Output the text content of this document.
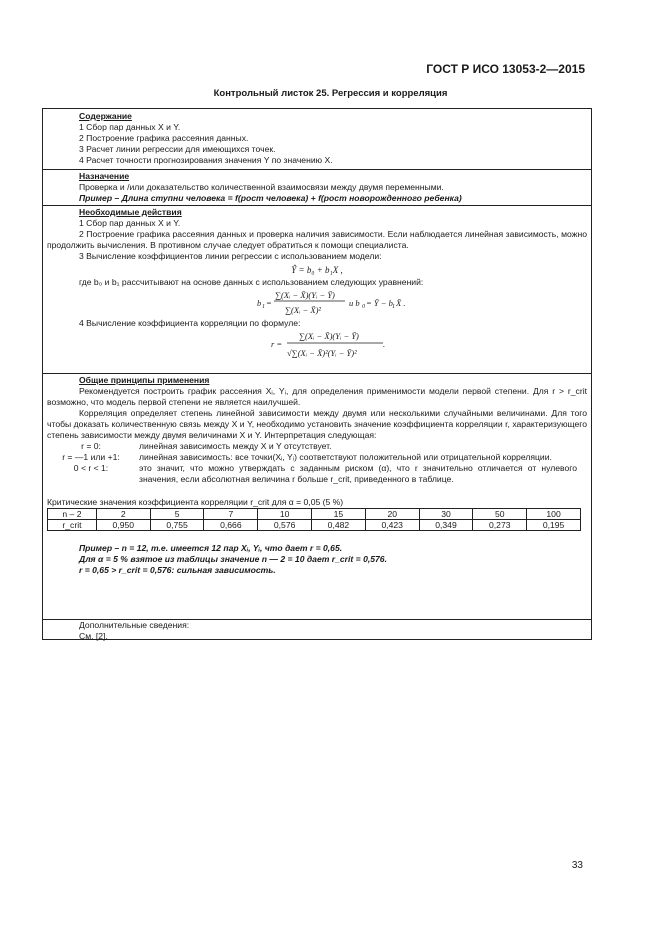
ГОСТ Р ИСО 13053-2—2015
Контрольный листок 25. Регрессия и корреляция

Содержание

1 Сбор пар данных X и Y.

2 Построение графика рассеяния данных.

3 Расчет линии регрессии для имеющихся точек.

4 Расчет точности прогнозирования значения Y по значению X.

Назначение

Проверка и /или доказательство количественной взаимосвязи между двумя переменными.

Пример – Длина ступни человека = f(рост человека) + f(рост новорожденного ребенка)

Необходимые действия

1 Сбор пар данных X и Y.

2 Построение графика рассеяния данных и проверка наличия зависимости. Если наблюдается линейная зависимость, можно продолжить вычисления. В противном случае следует обратиться к помощи специалиста.

3 Вычисление коэффициентов линии регрессии с использованием модели:

Ŷ = b₀ + b₁X ,

где b₀ и b₁ рассчитывают на основе данных с использованием следующих уравнений:

b 1 =
∑(Xᵢ − X̄)(Yᵢ − Ȳ)
∑(Xᵢ − X̄)²
и b 0 = Ȳ − b 1 X̄ .

4 Вычисление коэффициента корреляции по формуле:

r =
∑(Xᵢ − X̄)(Yᵢ − Ȳ)
√∑(Xᵢ − X̄)²(Yᵢ − Ȳ)²
.

Общие принципы применения

Рекомендуется построить график рассеяния Xᵢ, Yᵢ, для определения применимости модели первой степени. Для r > r_crit возможно, что модель первой степени не является наилучшей.

Корреляция определяет степень линейной зависимости между двумя или несколькими случайными величинами. Для того чтобы доказать количественную связь между X и Y, необходимо установить значение коэффициента корреляции r, характеризующего степень зависимости между двумя величинами X и Y. Интерпретация следующая:

r = 0:	линейная зависимость между X и Y отсутствует.
r = —1 или +1:	линейная зависимость: все точки(Xᵢ, Yᵢ) соответствуют положительной или отрицательной корреляции.
0 < r < 1:	это значит, что можно утверждать с заданным риском (α), что r значительно отличается от нулевого значения, если абсолютная величина r больше r_crit, приведенного в таблице.

Критические значения коэффициента корреляции r_crit для α = 0,05 (5 %)

n – 2	2	5	7	10	15	20	30	50	100
r_crit	0,950	0,755	0,666	0,576	0,482	0,423	0,349	0,273	0,195

Пример – n = 12, т.е. имеется 12 пар Xᵢ, Yᵢ, что дает r = 0,65.

Для α = 5 % взятое из таблицы значение n — 2 = 10 дает r_crit = 0,576.

r = 0,65 > r_crit = 0,576: сильная зависимость.

Дополнительные сведения:

См. [2].

33
